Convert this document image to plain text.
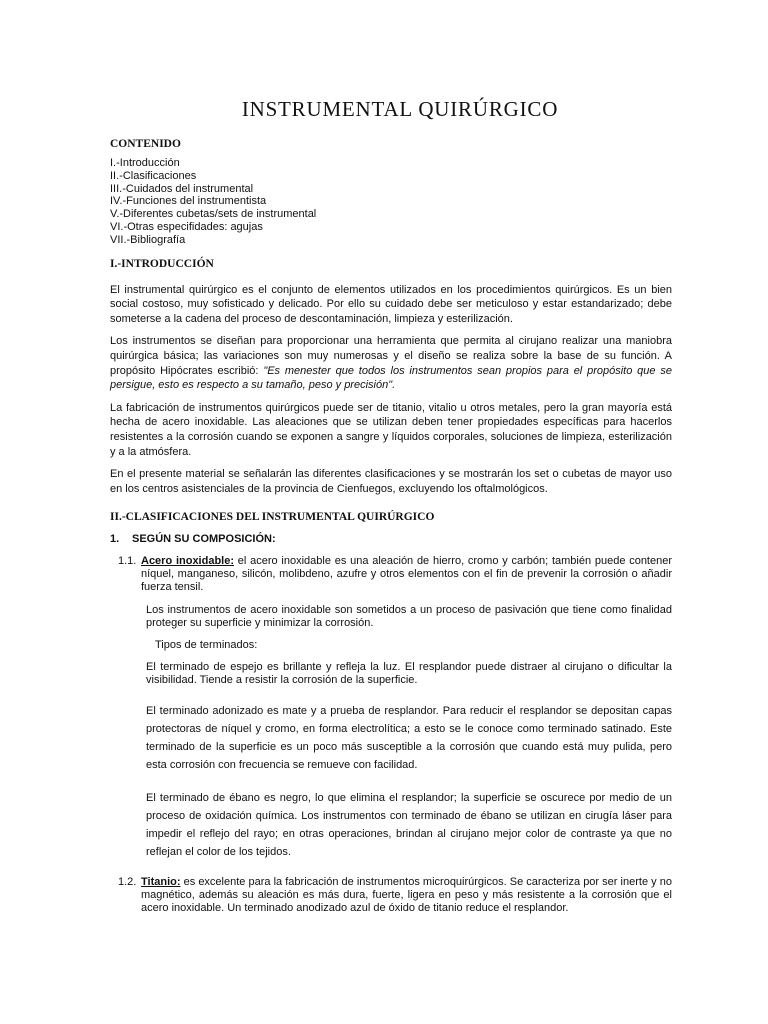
INSTRUMENTAL QUIRÚRGICO
CONTENIDO
I.-Introducción
II.-Clasificaciones
III.-Cuidados del instrumental
IV.-Funciones del instrumentista
V.-Diferentes cubetas/sets de instrumental
VI.-Otras especifidades: agujas
VII.-Bibliografía
I.-INTRODUCCIÓN

El instrumental quirúrgico es el conjunto de elementos utilizados en los procedimientos quirúrgicos. Es un bien social costoso, muy sofisticado y delicado. Por ello su cuidado debe ser meticuloso y estar estandarizado; debe someterse a la cadena del proceso de descontaminación, limpieza y esterilización.

Los instrumentos se diseñan para proporcionar una herramienta que permita al cirujano realizar una maniobra quirúrgica básica; las variaciones son muy numerosas y el diseño se realiza sobre la base de su función. A propósito Hipócrates escribió: "Es menester que todos los instrumentos sean propios para el propósito que se persigue, esto es respecto a su tamaño, peso y precisión".

La fabricación de instrumentos quirúrgicos puede ser de titanio, vitalio u otros metales, pero la gran mayoría está hecha de acero inoxidable. Las aleaciones que se utilizan deben tener propiedades específicas para hacerlos resistentes a la corrosión cuando se exponen a sangre y líquidos corporales, soluciones de limpieza, esterilización y a la atmósfera.

En el presente material se señalarán las diferentes clasificaciones y se mostrarán los set o cubetas de mayor uso en los centros asistenciales de la provincia de Cienfuegos, excluyendo los oftalmológicos.

II.-CLASIFICACIONES DEL INSTRUMENTAL QUIRÚRGICO
1.	SEGÚN SU COMPOSICIÓN:
1.1. Acero inoxidable: el acero inoxidable es una aleación de hierro, cromo y carbón; también puede contener níquel, manganeso, silicón, molibdeno, azufre y otros elementos con el fin de prevenir la corrosión o añadir fuerza tensil.

Los instrumentos de acero inoxidable son sometidos a un proceso de pasivación que tiene como finalidad proteger su superficie y minimizar la corrosión.

Tipos de terminados:

El terminado de espejo es brillante y refleja la luz. El resplandor puede distraer al cirujano o dificultar la visibilidad. Tiende a resistir la corrosión de la superficie.

El terminado adonizado es mate y a prueba de resplandor. Para reducir el resplandor se depositan capas protectoras de níquel y cromo, en forma electrolítica; a esto se le conoce como terminado satinado. Este terminado de la superficie es un poco más susceptible a la corrosión que cuando está muy pulida, pero esta corrosión con frecuencia se remueve con facilidad.

El terminado de ébano es negro, lo que elimina el resplandor; la superficie se oscurece por medio de un proceso de oxidación química. Los instrumentos con terminado de ébano se utilizan en cirugía láser para impedir el reflejo del rayo; en otras operaciones, brindan al cirujano mejor color de contraste ya que no reflejan el color de los tejidos.

1.2. Titanio: es excelente para la fabricación de instrumentos microquirúrgicos. Se caracteriza por ser inerte y no magnético, además su aleación es más dura, fuerte, ligera en peso y más resistente a la corrosión que el acero inoxidable. Un terminado anodizado azul de óxido de titanio reduce el resplandor.
